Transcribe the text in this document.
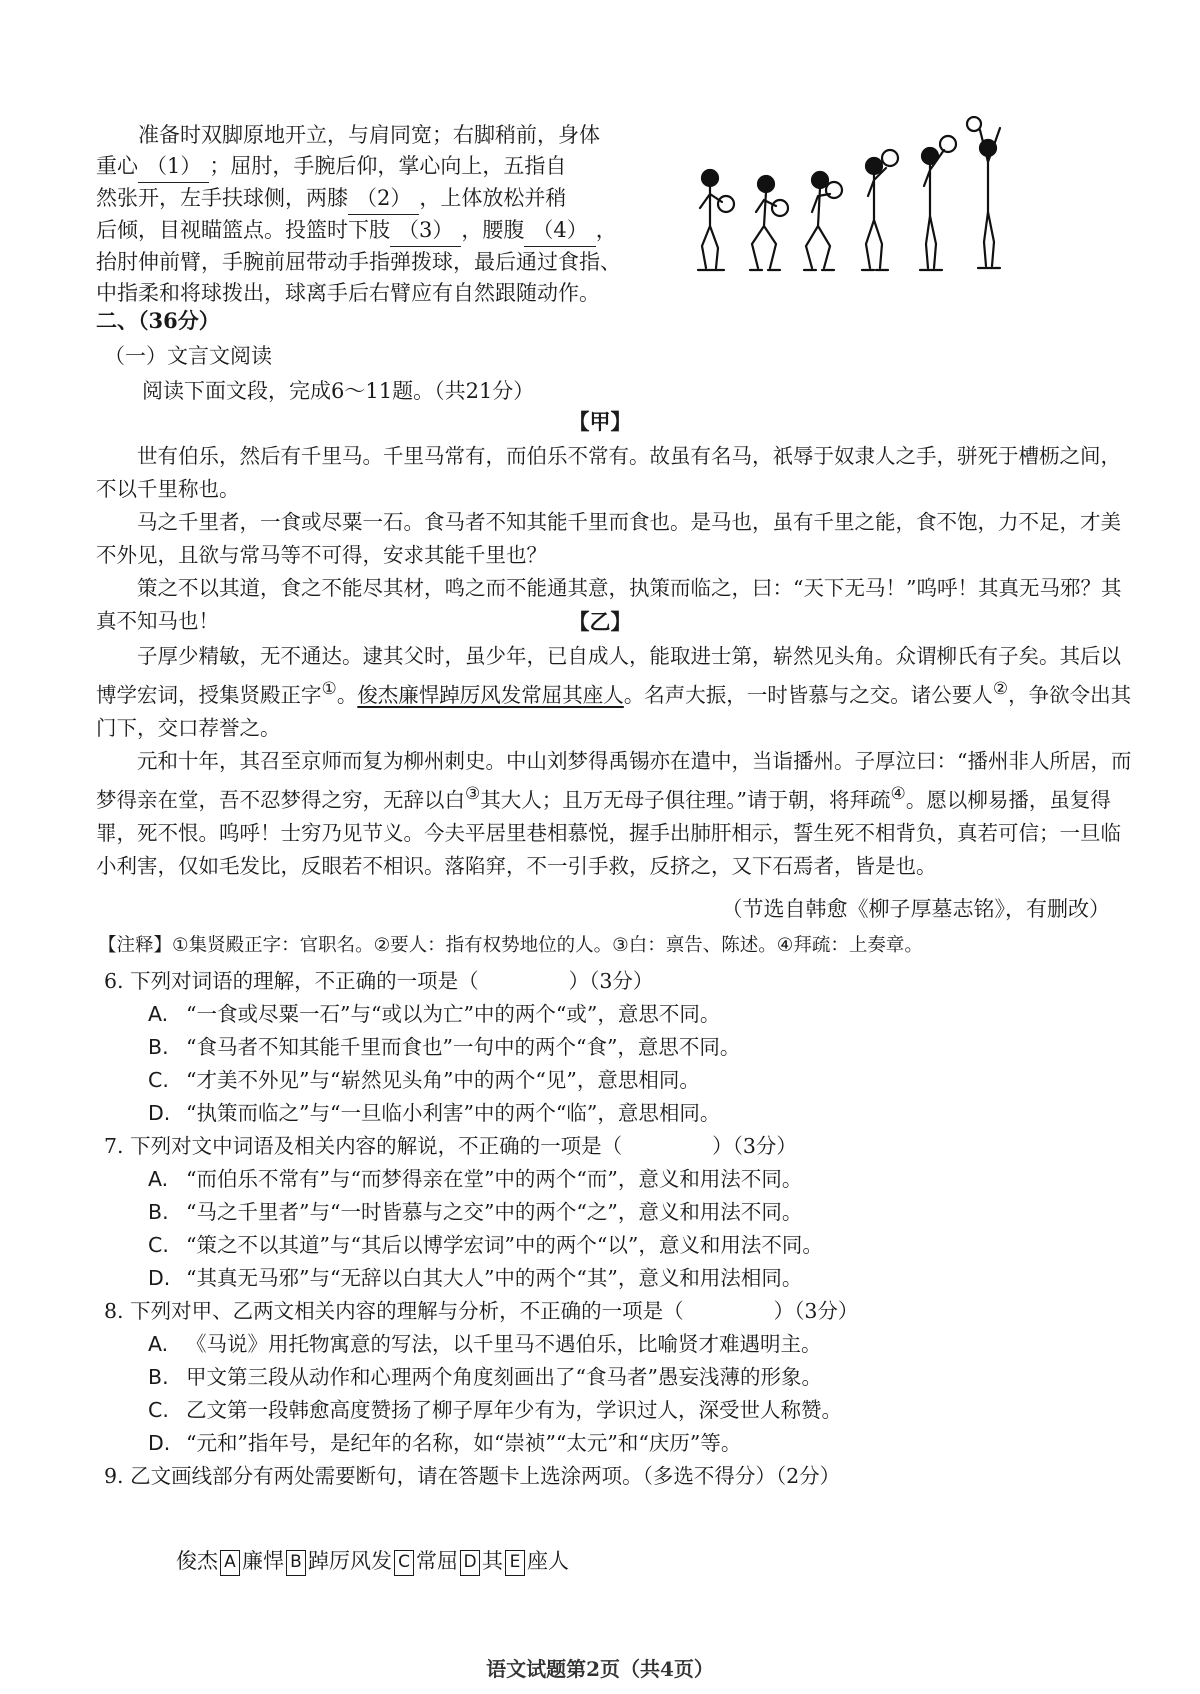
准备时双脚原地开立，与肩同宽；右脚稍前，身体

重心 （1） ；屈肘，手腕后仰，掌心向上，五指自

然张开，左手扶球侧，两膝 （2） ，上体放松并稍

后倾，目视瞄篮点。投篮时下肢 （3） ，腰腹 （4） ，

抬肘伸前臂，手腕前屈带动手指弹拨球，最后通过食指、

中指柔和将球拨出，球离手后右臂应有自然跟随动作。

二、（36分）
（一）文言文阅读
阅读下面文段，完成6～11题。（共21分）
【甲】

世有伯乐，然后有千里马。千里马常有，而伯乐不常有。故虽有名马，祇辱于奴隶人之手，骈死于槽枥之间，不以千里称也。

马之千里者，一食或尽粟一石。食马者不知其能千里而食也。是马也，虽有千里之能，食不饱，力不足，才美不外见，且欲与常马等不可得，安求其能千里也？

策之不以其道，食之不能尽其材，鸣之而不能通其意，执策而临之，曰：“天下无马！”呜呼！其真无马邪？其真不知马也！	【乙】

子厚少精敏，无不通达。逮其父时，虽少年，已自成人，能取进士第，崭然见头角。众谓柳氏有子矣。其后以博学宏词，授集贤殿正字①。俊杰廉悍踔厉风发常屈其座人。名声大振，一时皆慕与之交。诸公要人②，争欲令出其门下，交口荐誉之。

元和十年，其召至京师而复为柳州刺史。中山刘梦得禹锡亦在遣中，当诣播州。子厚泣曰：“播州非人所居，而梦得亲在堂，吾不忍梦得之穷，无辞以白③其大人；且万无母子俱往理。”请于朝，将拜疏④。愿以柳易播，虽复得罪，死不恨。呜呼！士穷乃见节义。今夫平居里巷相慕悦，握手出肺肝相示，誓生死不相背负，真若可信；一旦临小利害，仅如毛发比，反眼若不相识。落陷穽，不一引手救，反挤之，又下石焉者，皆是也。

（节选自韩愈《柳子厚墓志铭》，有删改）
【注释】①集贤殿正字：官职名。②要人：指有权势地位的人。③白：禀告、陈述。④拜疏：上奏章。

6. 下列对词语的理解，不正确的一项是（	）（3分）

A. “一食或尽粟一石”与“或以为亡”中的两个“或”，意思不同。

B. “食马者不知其能千里而食也”一句中的两个“食”，意思不同。

C. “才美不外见”与“崭然见头角”中的两个“见”，意思相同。

D. “执策而临之”与“一旦临小利害”中的两个“临”，意思相同。

7. 下列对文中词语及相关内容的解说，不正确的一项是（	）（3分）

A. “而伯乐不常有”与“而梦得亲在堂”中的两个“而”，意义和用法不同。

B. “马之千里者”与“一时皆慕与之交”中的两个“之”，意义和用法不同。

C. “策之不以其道”与“其后以博学宏词”中的两个“以”，意义和用法不同。

D. “其真无马邪”与“无辞以白其大人”中的两个“其”，意义和用法相同。

8. 下列对甲、乙两文相关内容的理解与分析，不正确的一项是（	）（3分）

A. 《马说》用托物寓意的写法，以千里马不遇伯乐，比喻贤才难遇明主。

B. 甲文第三段从动作和心理两个角度刻画出了“食马者”愚妄浅薄的形象。

C. 乙文第一段韩愈高度赞扬了柳子厚年少有为，学识过人，深受世人称赞。

D. “元和”指年号，是纪年的名称，如“崇祯”“太元”和“庆历”等。

9. 乙文画线部分有两处需要断句，请在答题卡上选涂两项。（多选不得分）（2分）

俊杰 A 廉悍 B 踔厉风发 C 常屈 D 其 E 座人
语文试题第2页（共4页）
